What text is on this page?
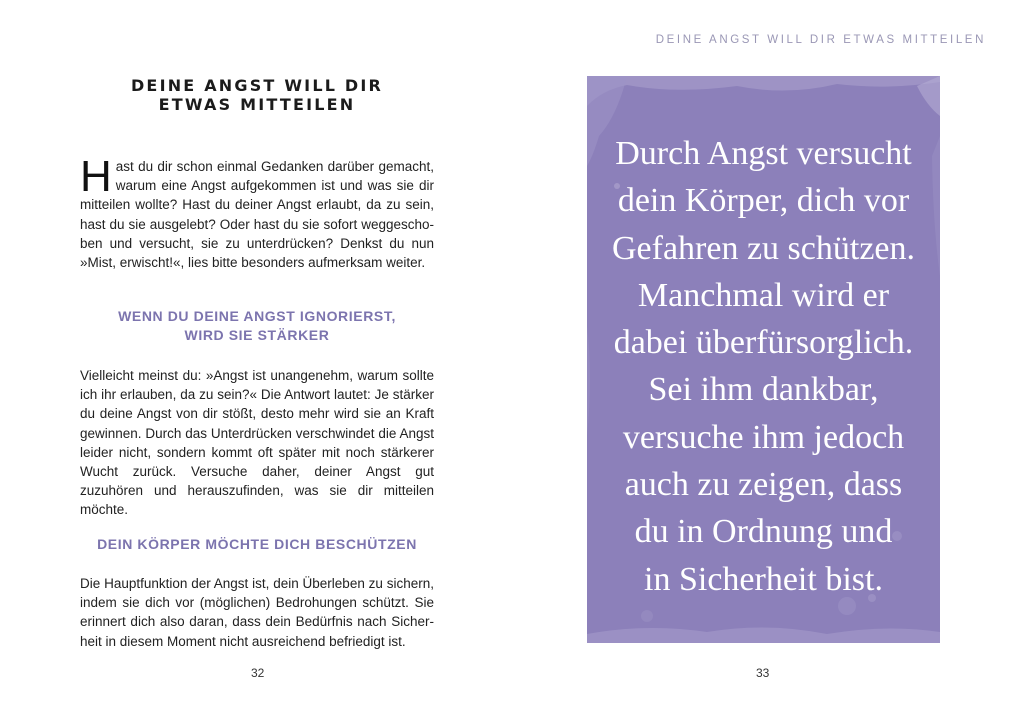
DEINE ANGST WILL DIR
ETWAS MITTEILEN

Hast du dir schon einmal Gedanken darüber gemacht, warum eine Angst aufgekommen ist und was sie dir mitteilen wollte? Hast du deiner Angst erlaubt, da zu sein, hast du sie ausgelebt? Oder hast du sie sofort weggeschoben und versucht, sie zu unterdrücken? Denkst du nun »Mist, erwischt!«, lies bitte besonders aufmerksam weiter.

WENN DU DEINE ANGST IGNORIERST,
WIRD SIE STÄRKER

Vielleicht meinst du: »Angst ist unangenehm, warum sollte ich ihr erlauben, da zu sein?« Die Antwort lautet: Je stärker du deine Angst von dir stößt, desto mehr wird sie an Kraft gewinnen. Durch das Unterdrücken verschwindet die Angst leider nicht, sondern kommt oft später mit noch stärkerer Wucht zurück. Versuche daher, deiner Angst gut zuzuhören und herauszufinden, was sie dir mitteilen möchte.

DEIN KÖRPER MÖCHTE DICH BESCHÜTZEN

Die Hauptfunktion der Angst ist, dein Überleben zu sichern, indem sie dich vor (möglichen) Bedrohungen schützt. Sie erinnert dich also daran, dass dein Bedürfnis nach Sicherheit in diesem Moment nicht ausreichend befriedigt ist.

32
DEINE ANGST WILL DIR ETWAS MITTEILEN

Durch Angst versucht
dein Körper, dich vor
Gefahren zu schützen.
Manchmal wird er
dabei überfürsorglich.
Sei ihm dankbar,
versuche ihm jedoch
auch zu zeigen, dass
du in Ordnung und
in Sicherheit bist.

33
